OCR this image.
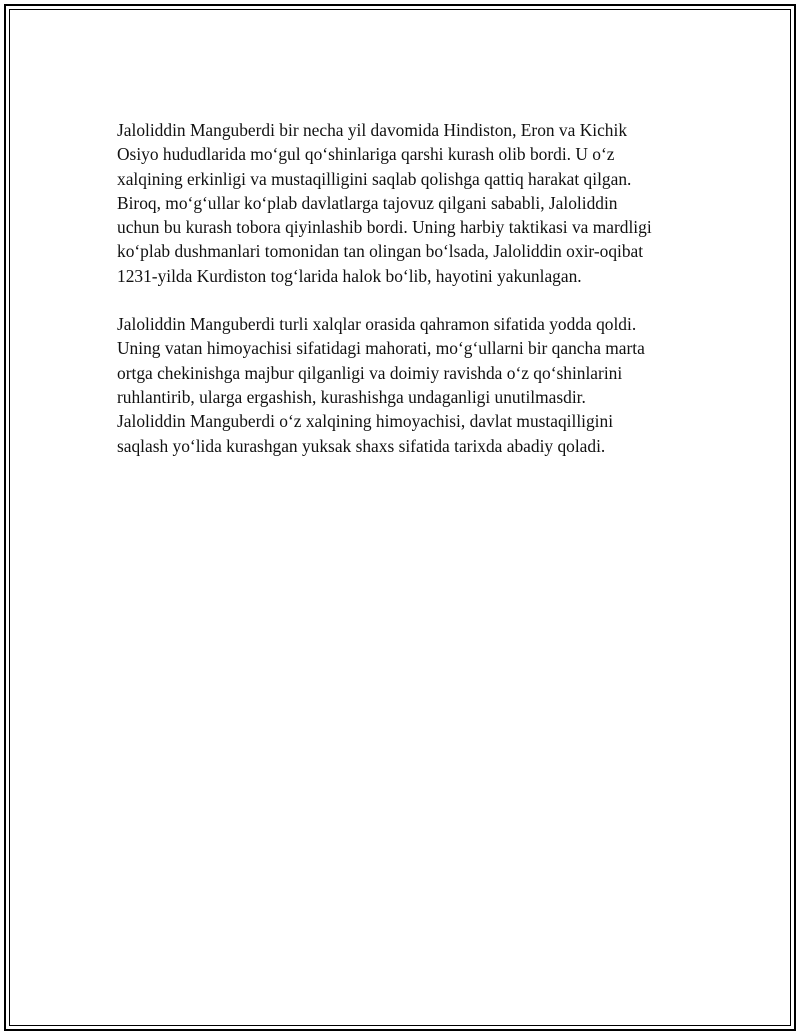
Jaloliddin Manguberdi bir necha yil davomida Hindiston, Eron va Kichik
Osiyo hududlarida moʻgul qoʻshinlariga qarshi kurash olib bordi. U oʻz
xalqining erkinligi va mustaqilligini saqlab qolishga qattiq harakat qilgan.
Biroq, moʻgʻullar koʻplab davlatlarga tajovuz qilgani sababli, Jaloliddin
uchun bu kurash tobora qiyinlashib bordi. Uning harbiy taktikasi va mardligi
koʻplab dushmanlari tomonidan tan olingan boʻlsada, Jaloliddin oxir-oqibat
1231-yilda Kurdiston togʻlarida halok boʻlib, hayotini yakunlagan.

Jaloliddin Manguberdi turli xalqlar orasida qahramon sifatida yodda qoldi.
Uning vatan himoyachisi sifatidagi mahorati, moʻgʻullarni bir qancha marta
ortga chekinishga majbur qilganligi va doimiy ravishda oʻz qoʻshinlarini
ruhlantirib, ularga ergashish, kurashishga undaganligi unutilmasdir.
Jaloliddin Manguberdi oʻz xalqining himoyachisi, davlat mustaqilligini
saqlash yoʻlida kurashgan yuksak shaxs sifatida tarixda abadiy qoladi.
